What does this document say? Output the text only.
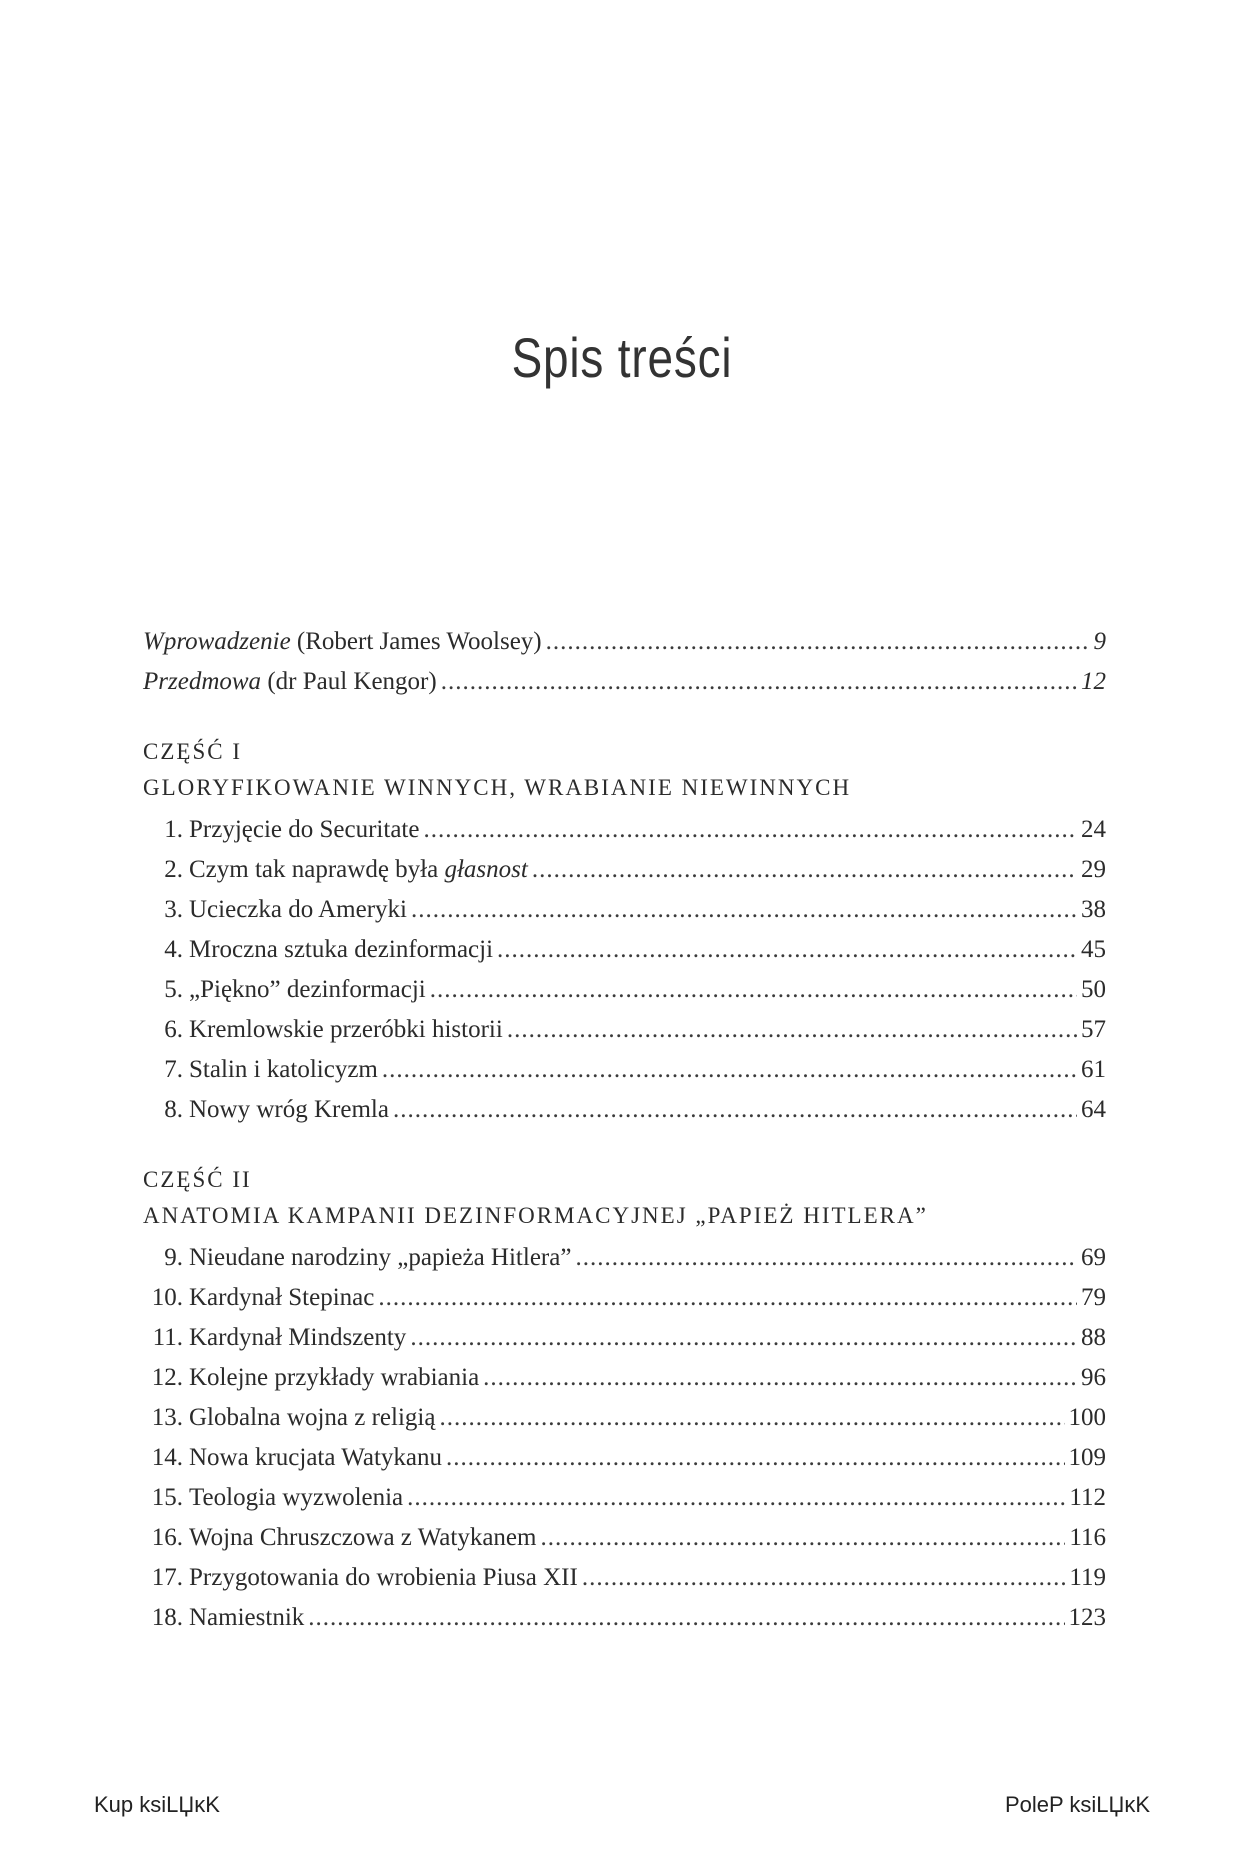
Spis treści
Wprowadzenie (Robert James Woolsey) .....	9
Przedmowa (dr Paul Kengor) .....	12
CZĘŚĆ I
GLORYFIKOWANIE WINNYCH, WRABIANIE NIEWINNYCH
1. Przyjęcie do Securitate .....	24
2. Czym tak naprawdę była głasnost .....	29
3. Ucieczka do Ameryki .....	38
4. Mroczna sztuka dezinformacji .....	45
5. „Piękno” dezinformacji .....	50
6. Kremlowskie przeróbki historii .....	57
7. Stalin i katolicyzm .....	61
8. Nowy wróg Kremla .....	64
CZĘŚĆ II
ANATOMIA KAMPANII DEZINFORMACYJNEJ „PAPIEŻ HITLERA”
9. Nieudane narodziny „papieża Hitlera” .....	69
10. Kardynał Stepinac .....	79
11. Kardynał Mindszenty .....	88
12. Kolejne przykłady wrabiania .....	96
13. Globalna wojna z religią .....	100
14. Nowa krucjata Watykanu .....	109
15. Teologia wyzwolenia .....	112
16. Wojna Chruszczowa z Watykanem .....	116
17. Przygotowania do wrobienia Piusa XII .....	119
18. Namiestnik .....	123
Kup ksiLЏĸK	PoleP ksiLЏĸK
